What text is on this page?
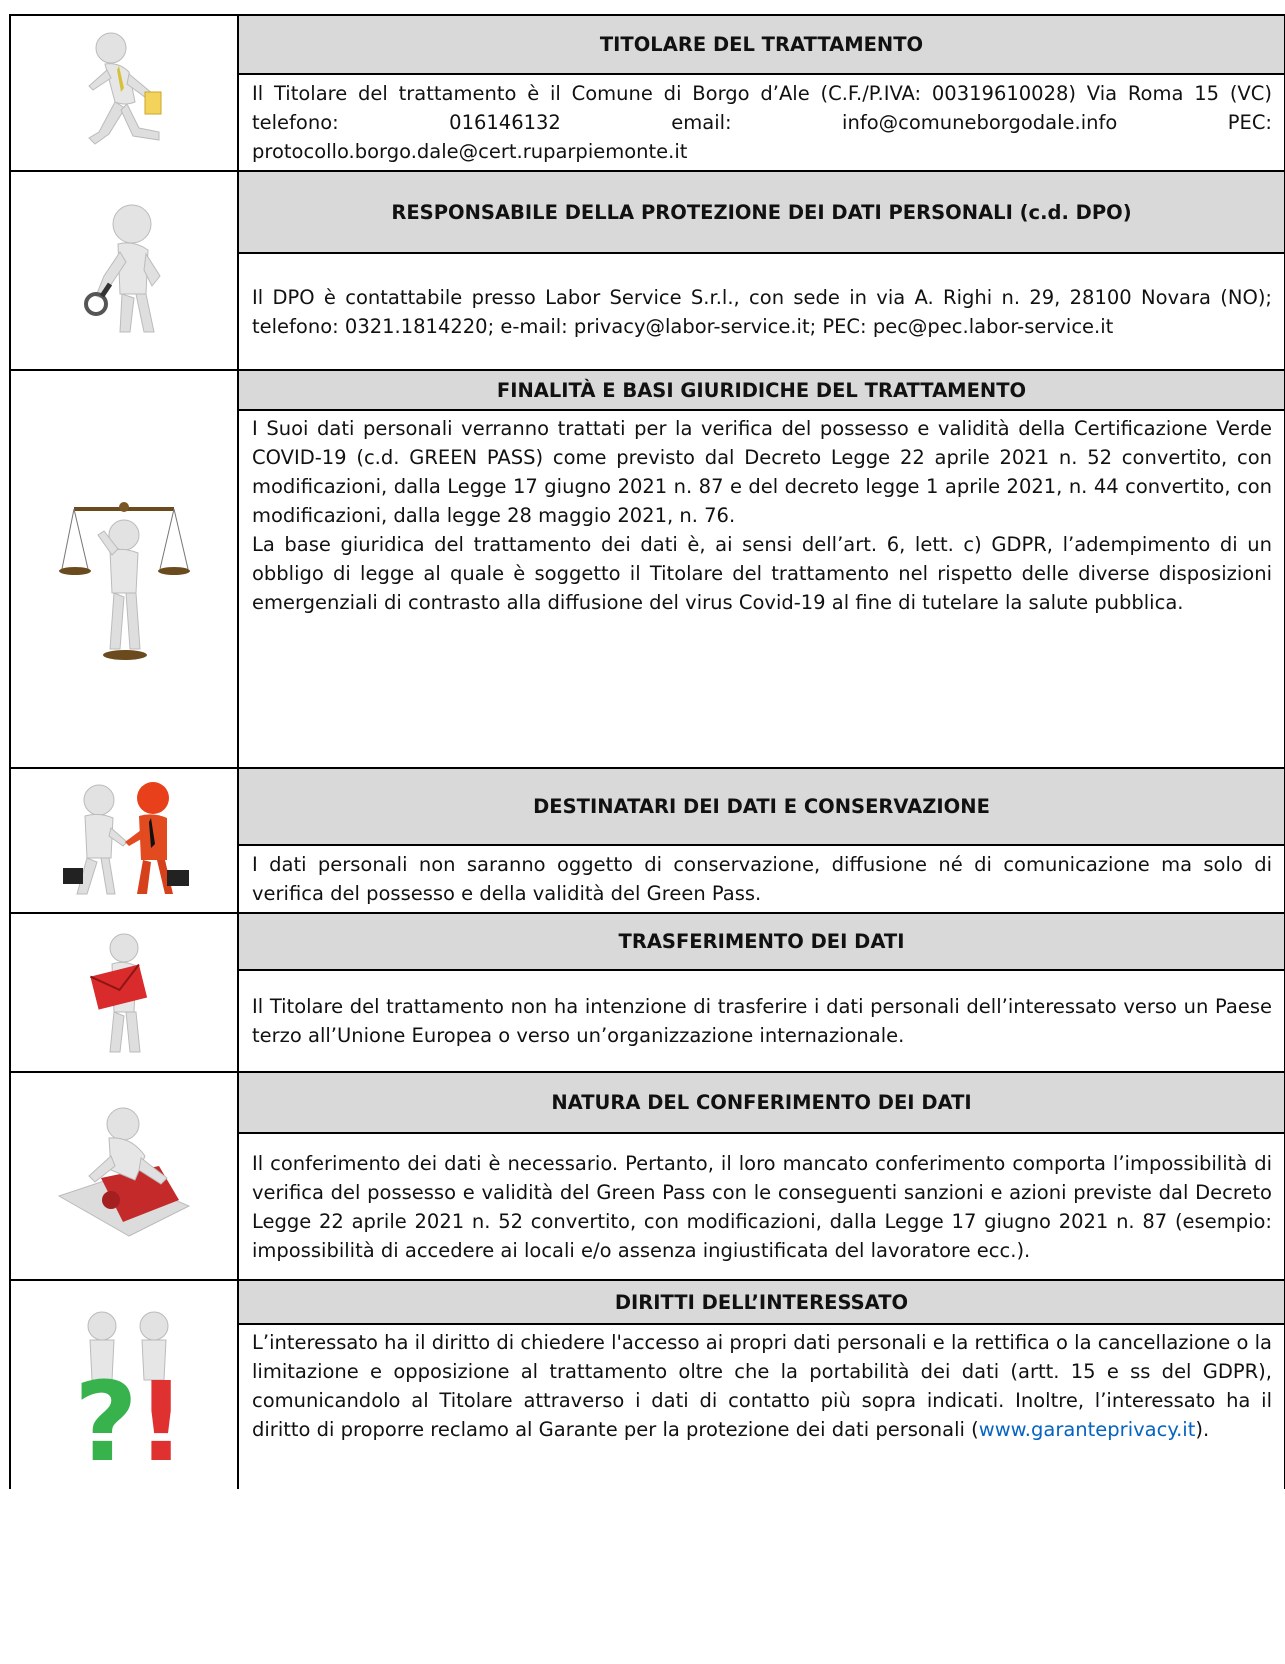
TITOLARE DEL TRATTAMENTO

Il Titolare del trattamento è il Comune di Borgo d’Ale (C.F./P.IVA: 00319610028) Via Roma 15 (VC) telefono: 016146132 email: info@comuneborgodale.info PEC: protocollo.borgo.dale@cert.ruparpiemonte.it

RESPONSABILE DELLA PROTEZIONE DEI DATI PERSONALI (c.d. DPO)

Il DPO è contattabile presso Labor Service S.r.l., con sede in via A. Righi n. 29, 28100 Novara (NO); telefono: 0321.1814220; e-mail: privacy@labor-service.it; PEC: pec@pec.labor-service.it

FINALITÀ E BASI GIURIDICHE DEL TRATTAMENTO

I Suoi dati personali verranno trattati per la verifica del possesso e validità della Certificazione Verde COVID-19 (c.d. GREEN PASS) come previsto dal Decreto Legge 22 aprile 2021 n. 52 convertito, con modificazioni, dalla Legge 17 giugno 2021 n. 87 e del decreto legge 1 aprile 2021, n. 44 convertito, con modificazioni, dalla legge 28 maggio 2021, n. 76.

La base giuridica del trattamento dei dati è, ai sensi dell’art. 6, lett. c) GDPR, l’adempimento di un obbligo di legge al quale è soggetto il Titolare del trattamento nel rispetto delle diverse disposizioni emergenziali di contrasto alla diffusione del virus Covid-19 al fine di tutelare la salute pubblica.

DESTINATARI DEI DATI E CONSERVAZIONE

I dati personali non saranno oggetto di conservazione, diffusione né di comunicazione ma solo di verifica del possesso e della validità del Green Pass.

TRASFERIMENTO DEI DATI

Il Titolare del trattamento non ha intenzione di trasferire i dati personali dell’interessato verso un Paese terzo all’Unione Europea o verso un’organizzazione internazionale.

NATURA DEL CONFERIMENTO DEI DATI

Il conferimento dei dati è necessario. Pertanto, il loro mancato conferimento comporta l’impossibilità di verifica del possesso e validità del Green Pass con le conseguenti sanzioni e azioni previste dal Decreto Legge 22 aprile 2021 n. 52 convertito, con modificazioni, dalla Legge 17 giugno 2021 n. 87 (esempio: impossibilità di accedere ai locali e/o assenza ingiustificata del lavoratore ecc.).

?
!
DIRITTI DELL’INTERESSATO

L’interessato ha il diritto di chiedere l'accesso ai propri dati personali e la rettifica o la cancellazione o la limitazione e opposizione al trattamento oltre che la portabilità dei dati (artt. 15 e ss del GDPR), comunicandolo al Titolare attraverso i dati di contatto più sopra indicati. Inoltre, l’interessato ha il diritto di proporre reclamo al Garante per la protezione dei dati personali (www.garanteprivacy.it).
